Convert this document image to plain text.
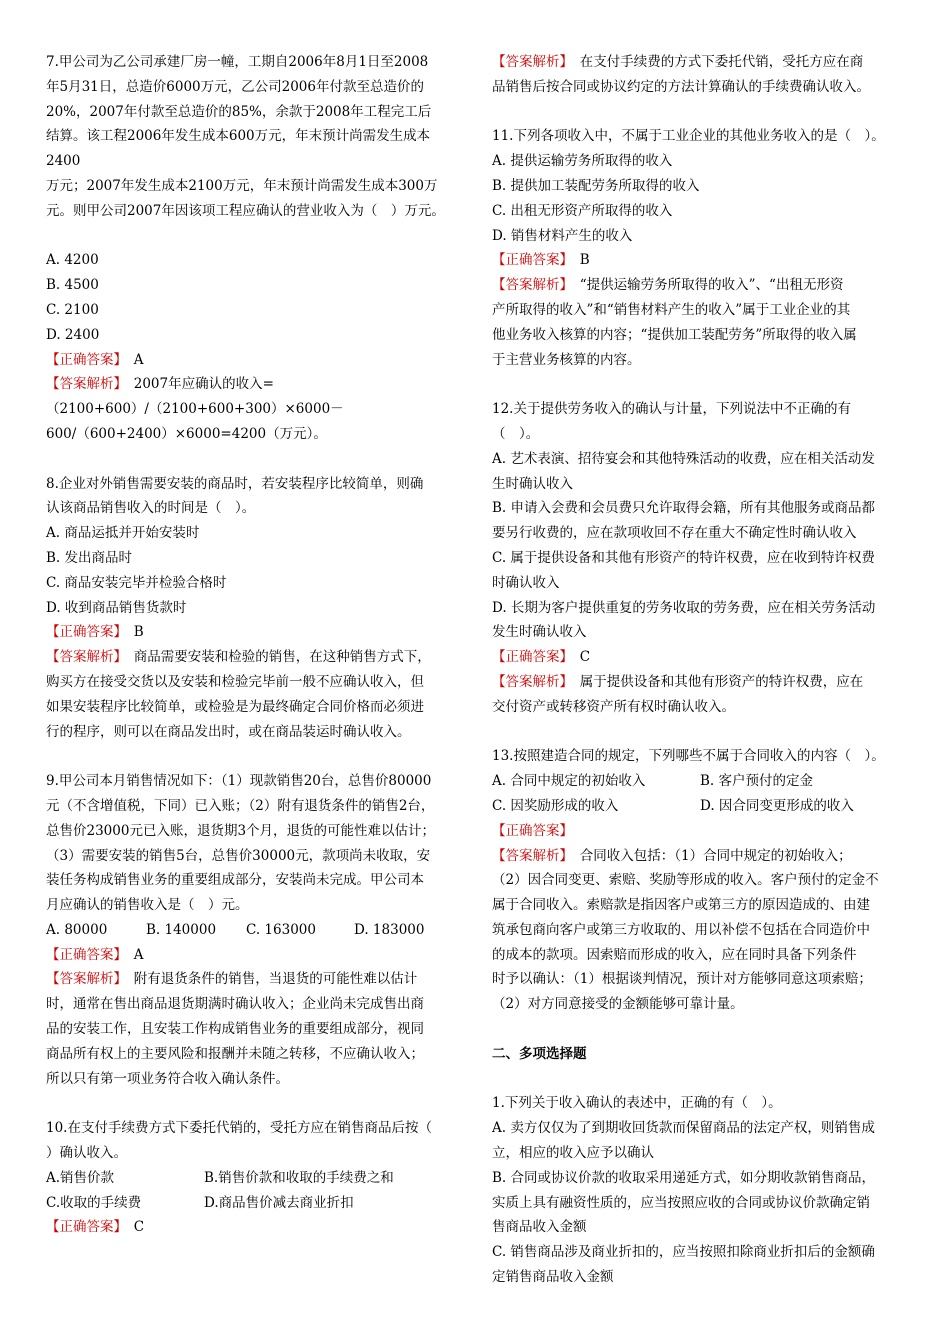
7.甲公司为乙公司承建厂房一幢，工期自2006年8月1日至2008
年5月31日，总造价6000万元，乙公司2006年付款至总造价的
20%，2007年付款至总造价的85%，余款于2008年工程完工后
结算。该工程2006年发生成本600万元，年末预计尚需发生成本
2400
万元；2007年发生成本2100万元，年末预计尚需发生成本300万
元。则甲公司2007年因该项工程应确认的营业收入为（　）万元。
A. 4200
B. 4500
C. 2100
D. 2400
【正确答案】　 A
【答案解析】　 2007年应确认的收入=
（2100+600）/（2100+600+300）×6000－
600/（600+2400）×6000=4200（万元）。
8.企业对外销售需要安装的商品时，若安装程序比较简单，则确
认该商品销售收入的时间是（　）。
A. 商品运抵并开始安装时
B. 发出商品时
C. 商品安装完毕并检验合格时
D. 收到商品销售货款时
【正确答案】　 B
【答案解析】　 商品需要安装和检验的销售，在这种销售方式下，
购买方在接受交货以及安装和检验完毕前一般不应确认收入，但
如果安装程序比较简单，或检验是为最终确定合同价格而必须进
行的程序，则可以在商品发出时，或在商品装运时确认收入。
9.甲公司本月销售情况如下：（1）现款销售20台，总售价80000
元（不含增值税，下同）已入账；（2）附有退货条件的销售2台，
总售价23000元已入账，退货期3个月，退货的可能性难以估计；
（3）需要安装的销售5台，总售价30000元，款项尚未收取，安
装任务构成销售业务的重要组成部分，安装尚未完成。甲公司本
月应确认的销售收入是（　）元。
A. 80000	B. 140000	C. 163000	D. 183000
【正确答案】　 A
【答案解析】　 附有退货条件的销售，当退货的可能性难以估计
时，通常在售出商品退货期满时确认收入；企业尚未完成售出商
品的安装工作，且安装工作构成销售业务的重要组成部分，视同
商品所有权上的主要风险和报酬并未随之转移，不应确认收入；
所以只有第一项业务符合收入确认条件。
10.在支付手续费方式下委托代销的，受托方应在销售商品后按（
）确认收入。
A.销售价款	B.销售价款和收取的手续费之和
C.收取的手续费	D.商品售价减去商业折扣
【正确答案】　 C
【答案解析】　 在支付手续费的方式下委托代销，受托方应在商
品销售后按合同或协议约定的方法计算确认的手续费确认收入。
11.下列各项收入中，不属于工业企业的其他业务收入的是（　）。
A. 提供运输劳务所取得的收入
B. 提供加工装配劳务所取得的收入
C. 出租无形资产所取得的收入
D. 销售材料产生的收入
【正确答案】　 B
【答案解析】　 “提供运输劳务所取得的收入”、“出租无形资
产所取得的收入”和“销售材料产生的收入”属于工业企业的其
他业务收入核算的内容；“提供加工装配劳务”所取得的收入属
于主营业务核算的内容。
12.关于提供劳务收入的确认与计量，下列说法中不正确的有
（　）。
A. 艺术表演、招待宴会和其他特殊活动的收费，应在相关活动发
生时确认收入
B. 申请入会费和会员费只允许取得会籍，所有其他服务或商品都
要另行收费的，应在款项收回不存在重大不确定性时确认收入
C. 属于提供设备和其他有形资产的特许权费，应在收到特许权费
时确认收入
D. 长期为客户提供重复的劳务收取的劳务费，应在相关劳务活动
发生时确认收入
【正确答案】　 C
【答案解析】　 属于提供设备和其他有形资产的特许权费，应在
交付资产或转移资产所有权时确认收入。
13.按照建造合同的规定，下列哪些不属于合同收入的内容（　）。
A. 合同中规定的初始收入	B. 客户预付的定金
C. 因奖励形成的收入	D. 因合同变更形成的收入
【正确答案】
【答案解析】　 合同收入包括：（1）合同中规定的初始收入；
（2）因合同变更、索赔、奖励等形成的收入。客户预付的定金不
属于合同收入。索赔款是指因客户或第三方的原因造成的、由建
筑承包商向客户或第三方收取的、用以补偿不包括在合同造价中
的成本的款项。因索赔而形成的收入，应在同时具备下列条件
时予以确认：（1）根据谈判情况，预计对方能够同意这项索赔；
（2）对方同意接受的金额能够可靠计量。
二、多项选择题
1.下列关于收入确认的表述中，正确的有（　）。
A. 卖方仅仅为了到期收回货款而保留商品的法定产权，则销售成
立，相应的收入应予以确认
B. 合同或协议价款的收取采用递延方式，如分期收款销售商品，
实质上具有融资性质的，应当按照应收的合同或协议价款确定销
售商品收入金额
C. 销售商品涉及商业折扣的，应当按照扣除商业折扣后的金额确
定销售商品收入金额
